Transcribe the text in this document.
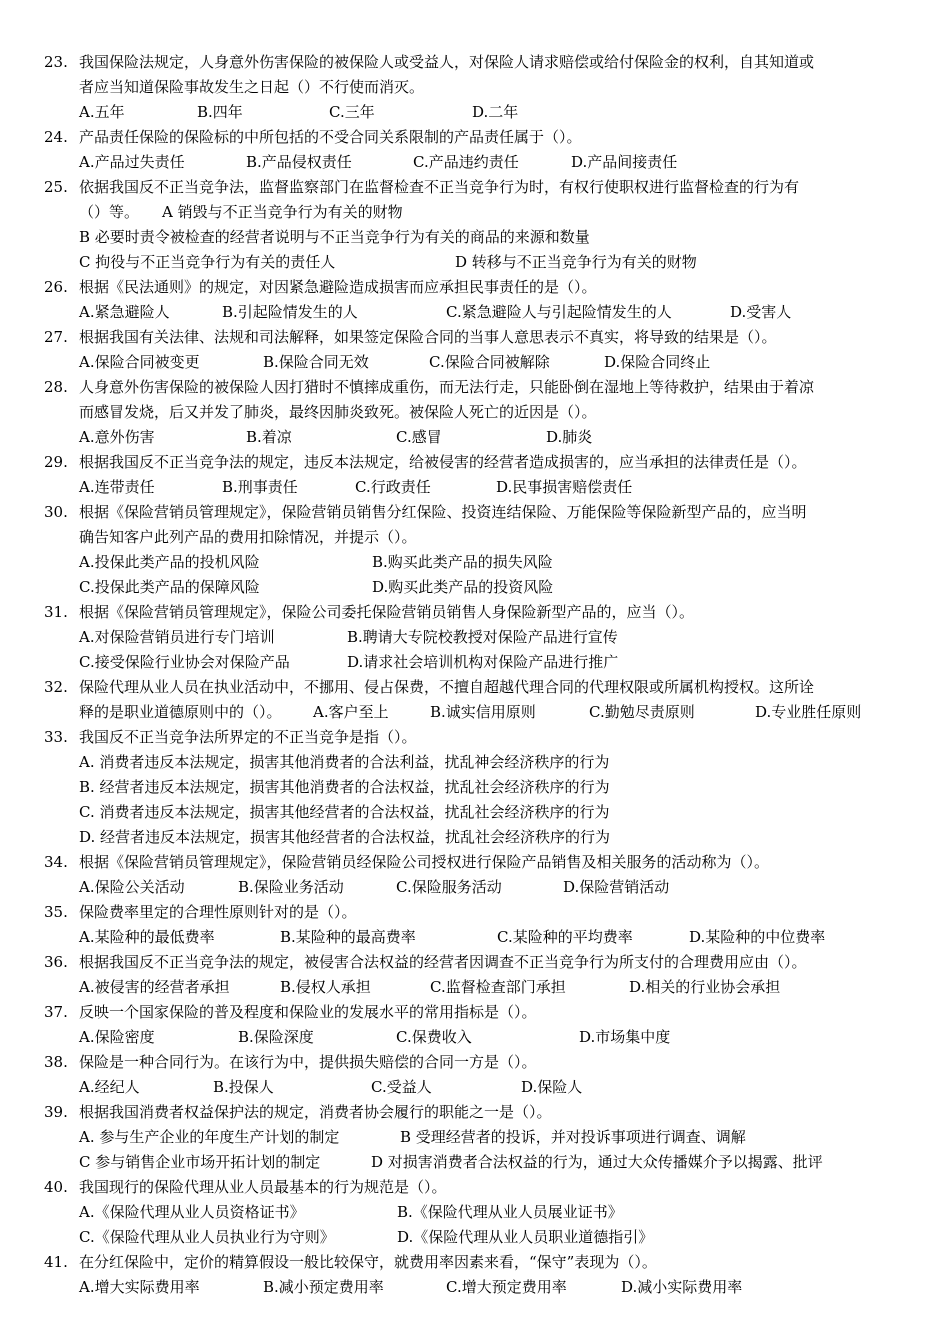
23. 我国保险法规定，人身意外伤害保险的被保险人或受益人，对保险人请求赔偿或给付保险金的权利，自其知道或
者应当知道保险事故发生之日起（）不行使而消灭。
A.五年	B.四年	C.三年	D.二年
24. 产品责任保险的保险标的中所包括的不受合同关系限制的产品责任属于（）。
A.产品过失责任	B.产品侵权责任	C.产品违约责任	D.产品间接责任
25. 依据我国反不正当竞争法，监督监察部门在监督检查不正当竞争行为时，有权行使职权进行监督检查的行为有
（）等。 A 销毁与不正当竞争行为有关的财物
B 必要时责令被检查的经营者说明与不正当竞争行为有关的商品的来源和数量
C 拘役与不正当竞争行为有关的责任人	D 转移与不正当竞争行为有关的财物
26. 根据《民法通则》的规定，对因紧急避险造成损害而应承担民事责任的是（）。
A.紧急避险人	B.引起险情发生的人	C.紧急避险人与引起险情发生的人	D.受害人
27. 根据我国有关法律、法规和司法解释，如果签定保险合同的当事人意思表示不真实，将导致的结果是（）。
A.保险合同被变更	B.保险合同无效	C.保险合同被解除	D.保险合同终止
28. 人身意外伤害保险的被保险人因打猎时不慎摔成重伤，而无法行走，只能卧倒在湿地上等待救护，结果由于着凉
而感冒发烧，后又并发了肺炎，最终因肺炎致死。被保险人死亡的近因是（）。
A.意外伤害	B.着凉	C.感冒	D.肺炎
29. 根据我国反不正当竞争法的规定，违反本法规定，给被侵害的经营者造成损害的，应当承担的法律责任是（）。
A.连带责任	B.刑事责任	C.行政责任	D.民事损害赔偿责任
30. 根据《保险营销员管理规定》，保险营销员销售分红保险、投资连结保险、万能保险等保险新型产品的，应当明
确告知客户此列产品的费用扣除情况，并提示（）。
A.投保此类产品的投机风险	B.购买此类产品的损失风险
C.投保此类产品的保障风险	D.购买此类产品的投资风险
31. 根据《保险营销员管理规定》，保险公司委托保险营销员销售人身保险新型产品的，应当（）。
A.对保险营销员进行专门培训	B.聘请大专院校教授对保险产品进行宣传
C.接受保险行业协会对保险产品	D.请求社会培训机构对保险产品进行推广
32. 保险代理从业人员在执业活动中，不挪用、侵占保费，不擅自超越代理合同的代理权限或所属机构授权。这所诠
释的是职业道德原则中的（）。 A.客户至上	B.诚实信用原则	C.勤勉尽责原则	D.专业胜任原则
33. 我国反不正当竞争法所界定的不正当竞争是指（）。
A. 消费者违反本法规定，损害其他消费者的合法利益，扰乱神会经济秩序的行为
B. 经营者违反本法规定，损害其他消费者的合法权益，扰乱社会经济秩序的行为
C. 消费者违反本法规定，损害其他经营者的合法权益，扰乱社会经济秩序的行为
D. 经营者违反本法规定，损害其他经营者的合法权益，扰乱社会经济秩序的行为
34. 根据《保险营销员管理规定》，保险营销员经保险公司授权进行保险产品销售及相关服务的活动称为（）。
A.保险公关活动	B.保险业务活动	C.保险服务活动	D.保险营销活动
35. 保险费率里定的合理性原则针对的是（）。
A.某险种的最低费率	B.某险种的最高费率	C.某险种的平均费率	D.某险种的中位费率
36. 根据我国反不正当竞争法的规定，被侵害合法权益的经营者因调查不正当竞争行为所支付的合理费用应由（）。
A.被侵害的经营者承担	B.侵权人承担	C.监督检查部门承担	D.相关的行业协会承担
37. 反映一个国家保险的普及程度和保险业的发展水平的常用指标是（）。
A.保险密度	B.保险深度	C.保费收入	D.市场集中度
38. 保险是一种合同行为。在该行为中，提供损失赔偿的合同一方是（）。
A.经纪人	B.投保人	C.受益人	D.保险人
39. 根据我国消费者权益保护法的规定，消费者协会履行的职能之一是（）。
A. 参与生产企业的年度生产计划的制定	B 受理经营者的投诉，并对投诉事项进行调查、调解
C 参与销售企业市场开拓计划的制定	D 对损害消费者合法权益的行为，通过大众传播媒介予以揭露、批评
40. 我国现行的保险代理从业人员最基本的行为规范是（）。
A.《保险代理从业人员资格证书》	B.《保险代理从业人员展业证书》
C.《保险代理从业人员执业行为守则》	D.《保险代理从业人员职业道德指引》
41. 在分红保险中，定价的精算假设一般比较保守，就费用率因素来看，“保守”表现为（）。
A.增大实际费用率	B.减小预定费用率	C.增大预定费用率	D.减小实际费用率
